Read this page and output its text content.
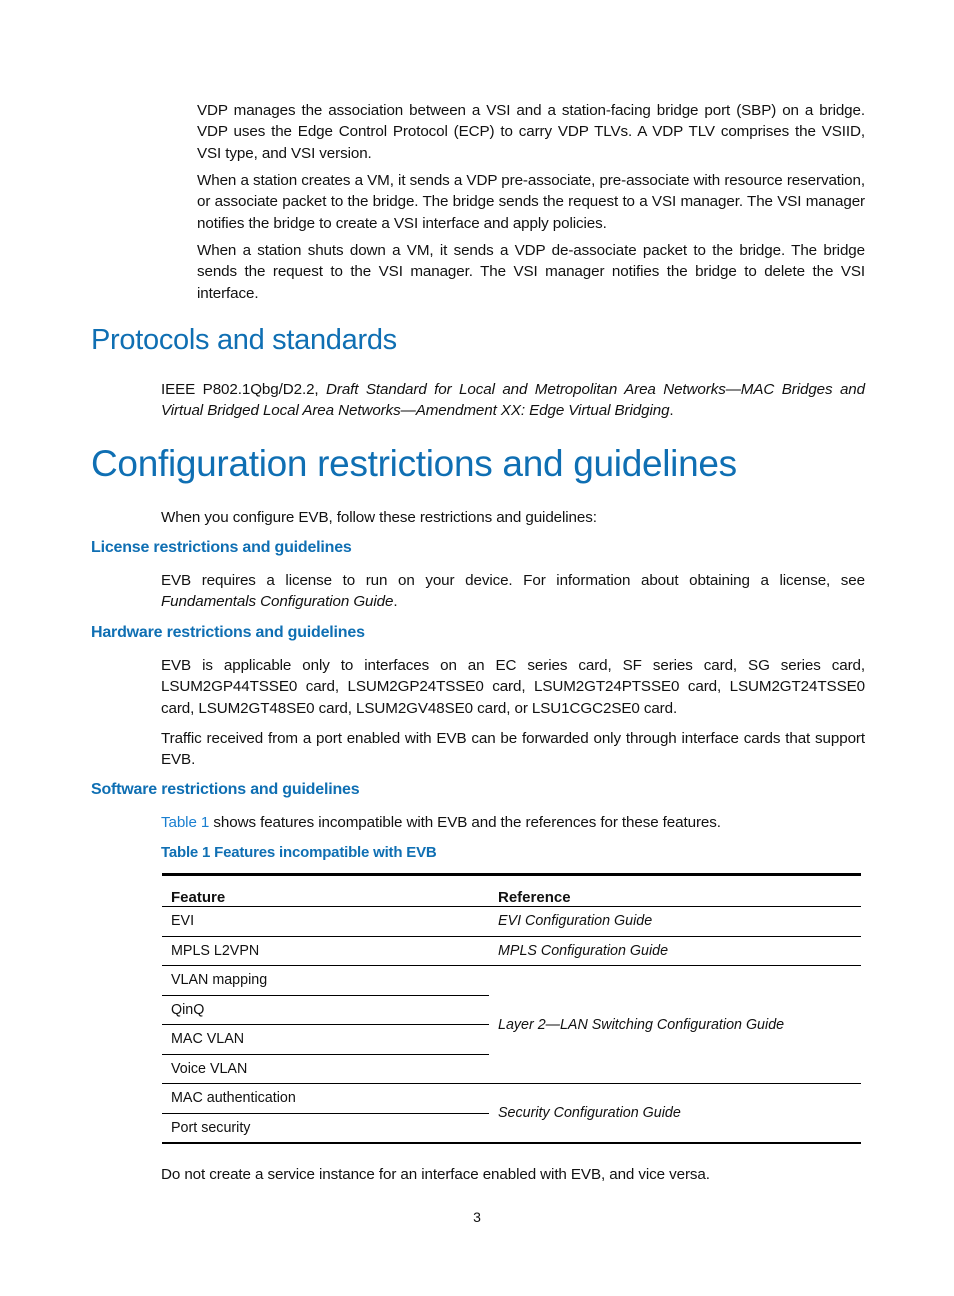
VDP manages the association between a VSI and a station-facing bridge port (SBP) on a bridge. VDP uses the Edge Control Protocol (ECP) to carry VDP TLVs. A VDP TLV comprises the VSIID, VSI type, and VSI version.

When a station creates a VM, it sends a VDP pre-associate, pre-associate with resource reservation, or associate packet to the bridge. The bridge sends the request to a VSI manager. The VSI manager notifies the bridge to create a VSI interface and apply policies.

When a station shuts down a VM, it sends a VDP de-associate packet to the bridge. The bridge sends the request to the VSI manager. The VSI manager notifies the bridge to delete the VSI interface.

Protocols and standards

IEEE P802.1Qbg/D2.2, Draft Standard for Local and Metropolitan Area Networks—MAC Bridges and Virtual Bridged Local Area Networks—Amendment XX: Edge Virtual Bridging.

Configuration restrictions and guidelines

When you configure EVB, follow these restrictions and guidelines:

License restrictions and guidelines

EVB requires a license to run on your device. For information about obtaining a license, see Fundamentals Configuration Guide.

Hardware restrictions and guidelines

EVB is applicable only to interfaces on an EC series card, SF series card, SG series card, LSUM2GP44TSSE0 card, LSUM2GP24TSSE0 card, LSUM2GT24PTSSE0 card, LSUM2GT24TSSE0 card, LSUM2GT48SE0 card, LSUM2GV48SE0 card, or LSU1CGC2SE0 card.

Traffic received from a port enabled with EVB can be forwarded only through interface cards that support EVB.

Software restrictions and guidelines

Table 1 shows features incompatible with EVB and the references for these features.

Table 1 Features incompatible with EVB

Feature	Reference
EVI	EVI Configuration Guide
MPLS L2VPN	MPLS Configuration Guide
VLAN mapping	Layer 2—LAN Switching Configuration Guide
QinQ	
MAC VLAN	
Voice VLAN	
MAC authentication	Security Configuration Guide
Port security	

Do not create a service instance for an interface enabled with EVB, and vice versa.

3
